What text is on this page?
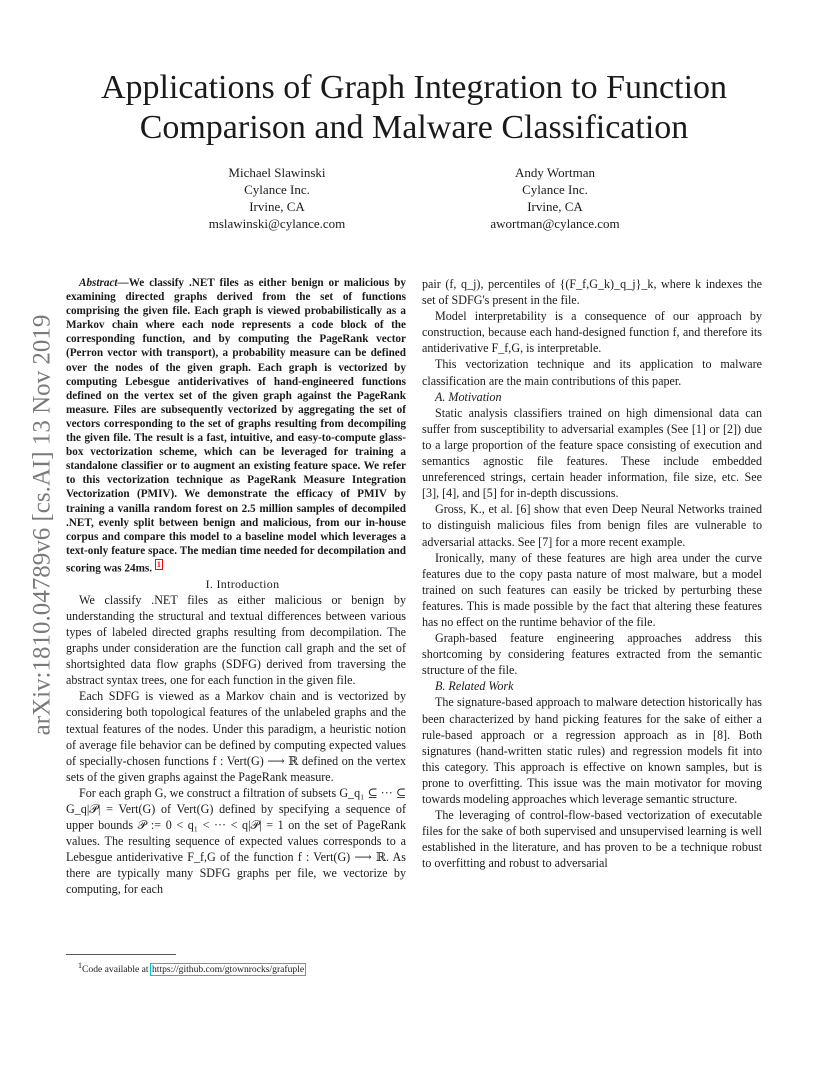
arXiv:1810.04789v6 [cs.AI] 13 Nov 2019
Applications of Graph Integration to Function Comparison and Malware Classification
Michael Slawinski
Cylance Inc.
Irvine, CA
mslawinski@cylance.com
Andy Wortman
Cylance Inc.
Irvine, CA
awortman@cylance.com

Abstract—We classify .NET files as either benign or malicious by examining directed graphs derived from the set of functions comprising the given file. Each graph is viewed probabilistically as a Markov chain where each node represents a code block of the corresponding function, and by computing the PageRank vector (Perron vector with transport), a probability measure can be defined over the nodes of the given graph. Each graph is vectorized by computing Lebesgue antiderivatives of hand-engineered functions defined on the vertex set of the given graph against the PageRank measure. Files are subsequently vectorized by aggregating the set of vectors corresponding to the set of graphs resulting from decompiling the given file. The result is a fast, intuitive, and easy-to-compute glass-box vectorization scheme, which can be leveraged for training a standalone classifier or to augment an existing feature space. We refer to this vectorization technique as PageRank Measure Integration Vectorization (PMIV). We demonstrate the efficacy of PMIV by training a vanilla random forest on 2.5 million samples of decompiled .NET, evenly split between benign and malicious, from our in-house corpus and compare this model to a baseline model which leverages a text-only feature space. The median time needed for decompilation and scoring was 24ms. $^1$

I. Introduction

We classify .NET files as either malicious or benign by understanding the structural and textual differences between various types of labeled directed graphs resulting from decompilation. The graphs under consideration are the function call graph and the set of shortsighted data flow graphs (SDFG) derived from traversing the abstract syntax trees, one for each function in the given file.

Each SDFG is viewed as a Markov chain and is vectorized by considering both topological features of the unlabeled graphs and the textual features of the nodes. Under this paradigm, a heuristic notion of average file behavior can be defined by computing expected values of specially-chosen functions f : Vert(G) ⟶ ℝ defined on the vertex sets of the given graphs against the PageRank measure.

For each graph G, we construct a filtration of subsets G_q₁ ⊆ ··· ⊆ G_q|𝒫| = Vert(G) of Vert(G) defined by specifying a sequence of upper bounds 𝒫 := 0 < q₁ < ··· < q|𝒫| = 1 on the set of PageRank values. The resulting sequence of expected values corresponds to a Lebesgue antiderivative F_f,G of the function f : Vert(G) ⟶ ℝ. As there are typically many SDFG graphs per file, we vectorize by computing, for each

pair (f, q_j), percentiles of {(F_f,G_k)_q_j}_k, where k indexes the set of SDFG's present in the file.

Model interpretability is a consequence of our approach by construction, because each hand-designed function f, and therefore its antiderivative F_f,G, is interpretable.

This vectorization technique and its application to malware classification are the main contributions of this paper.

A. Motivation

Static analysis classifiers trained on high dimensional data can suffer from susceptibility to adversarial examples (See [1] or [2]) due to a large proportion of the feature space consisting of execution and semantics agnostic file features. These include embedded unreferenced strings, certain header information, file size, etc. See [3], [4], and [5] for in-depth discussions.

Gross, K., et al. [6] show that even Deep Neural Networks trained to distinguish malicious files from benign files are vulnerable to adversarial attacks. See [7] for a more recent example.

Ironically, many of these features are high area under the curve features due to the copy pasta nature of most malware, but a model trained on such features can easily be tricked by perturbing these features. This is made possible by the fact that altering these features has no effect on the runtime behavior of the file.

Graph-based feature engineering approaches address this shortcoming by considering features extracted from the semantic structure of the file.

B. Related Work

The signature-based approach to malware detection historically has been characterized by hand picking features for the sake of either a rule-based approach or a regression approach as in [8]. Both signatures (hand-written static rules) and regression models fit into this category. This approach is effective on known samples, but is prone to overfitting. This issue was the main motivator for moving towards modeling approaches which leverage semantic structure.

The leveraging of control-flow-based vectorization of executable files for the sake of both supervised and unsupervised learning is well established in the literature, and has proven to be a technique robust to overfitting and robust to adversarial

$^1$Code available at https://github.com/gtownrocks/grafuple
